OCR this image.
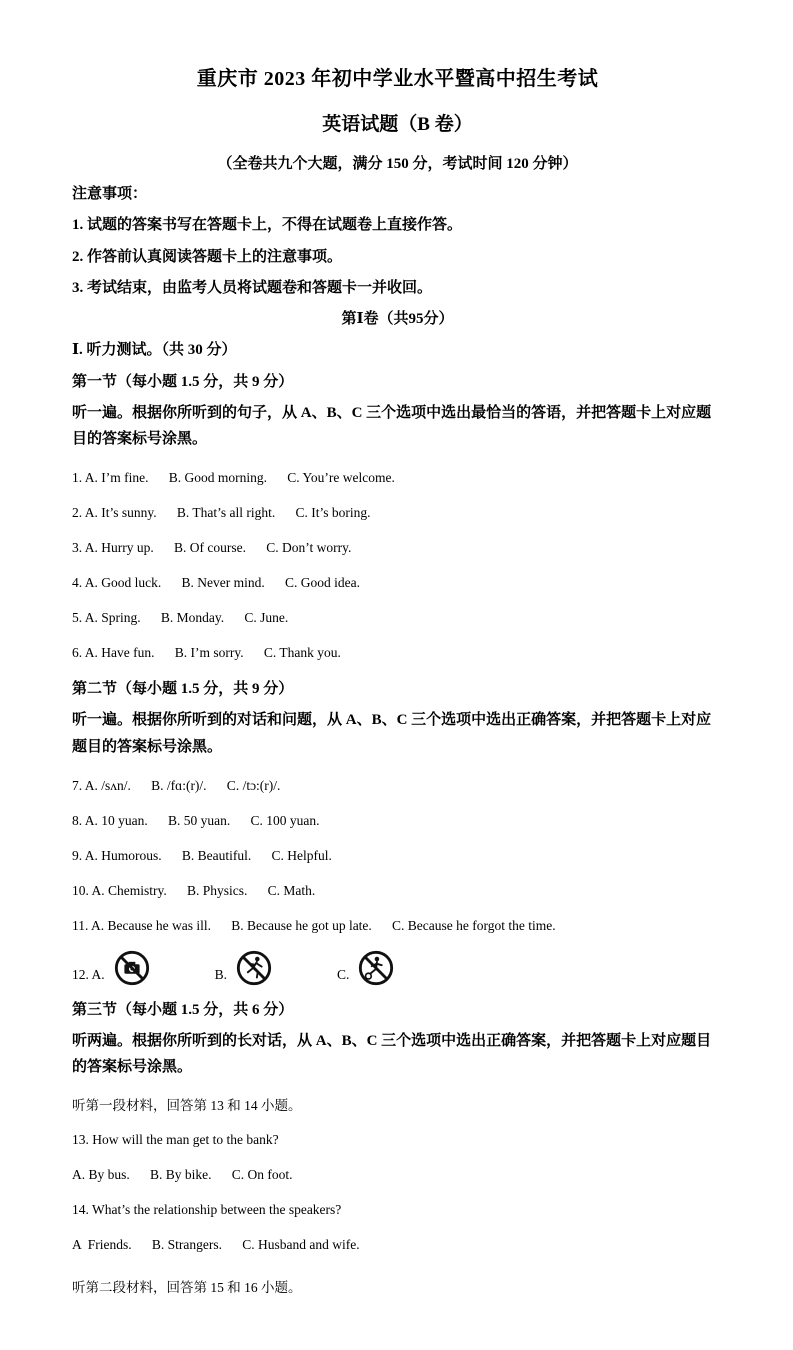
重庆市 2023 年初中学业水平暨高中招生考试
英语试题（B 卷）

（全卷共九个大题，满分 150 分，考试时间 120 分钟）

注意事项：

1. 试题的答案书写在答题卡上，不得在试题卷上直接作答。

2. 作答前认真阅读答题卡上的注意事项。

3. 考试结束，由监考人员将试题卷和答题卡一并收回。

第Ⅰ卷（共95分）

Ⅰ. 听力测试。（共 30 分）

第一节（每小题 1.5 分，共 9 分）

听一遍。根据你所听到的句子，从 A、B、C 三个选项中选出最恰当的答语，并把答题卡上对应题目的答案标号涂黑。

1. A. I’m fine.      B. Good morning.      C. You’re welcome.

2. A. It’s sunny.      B. That’s all right.      C. It’s boring.

3. A. Hurry up.      B. Of course.      C. Don’t worry.

4. A. Good luck.      B. Never mind.      C. Good idea.

5. A. Spring.      B. Monday.      C. June.

6. A. Have fun.      B. I’m sorry.      C. Thank you.

第二节（每小题 1.5 分，共 9 分）

听一遍。根据你所听到的对话和问题，从 A、B、C 三个选项中选出正确答案，并把答题卡上对应题目的答案标号涂黑。

7. A. /sʌn/.      B. /fɑ:(r)/.      C. /tɔ:(r)/.

8. A. 10 yuan.      B. 50 yuan.      C. 100 yuan.

9. A. Humorous.      B. Beautiful.      C. Helpful.

10. A. Chemistry.      B. Physics.      C. Math.

11. A. Because he was ill.      B. Because he got up late.      C. Because he forgot the time.

12. A.	B.	C.

第三节（每小题 1.5 分，共 6 分）

听两遍。根据你所听到的长对话，从 A、B、C 三个选项中选出正确答案，并把答题卡上对应题目的答案标号涂黑。

听第一段材料，回答第 13 和 14 小题。

13. How will the man get to the bank?

A. By bus.      B. By bike.      C. On foot.

14. What’s the relationship between the speakers?

A  Friends.      B. Strangers.      C. Husband and wife.

听第二段材料，回答第 15 和 16 小题。
